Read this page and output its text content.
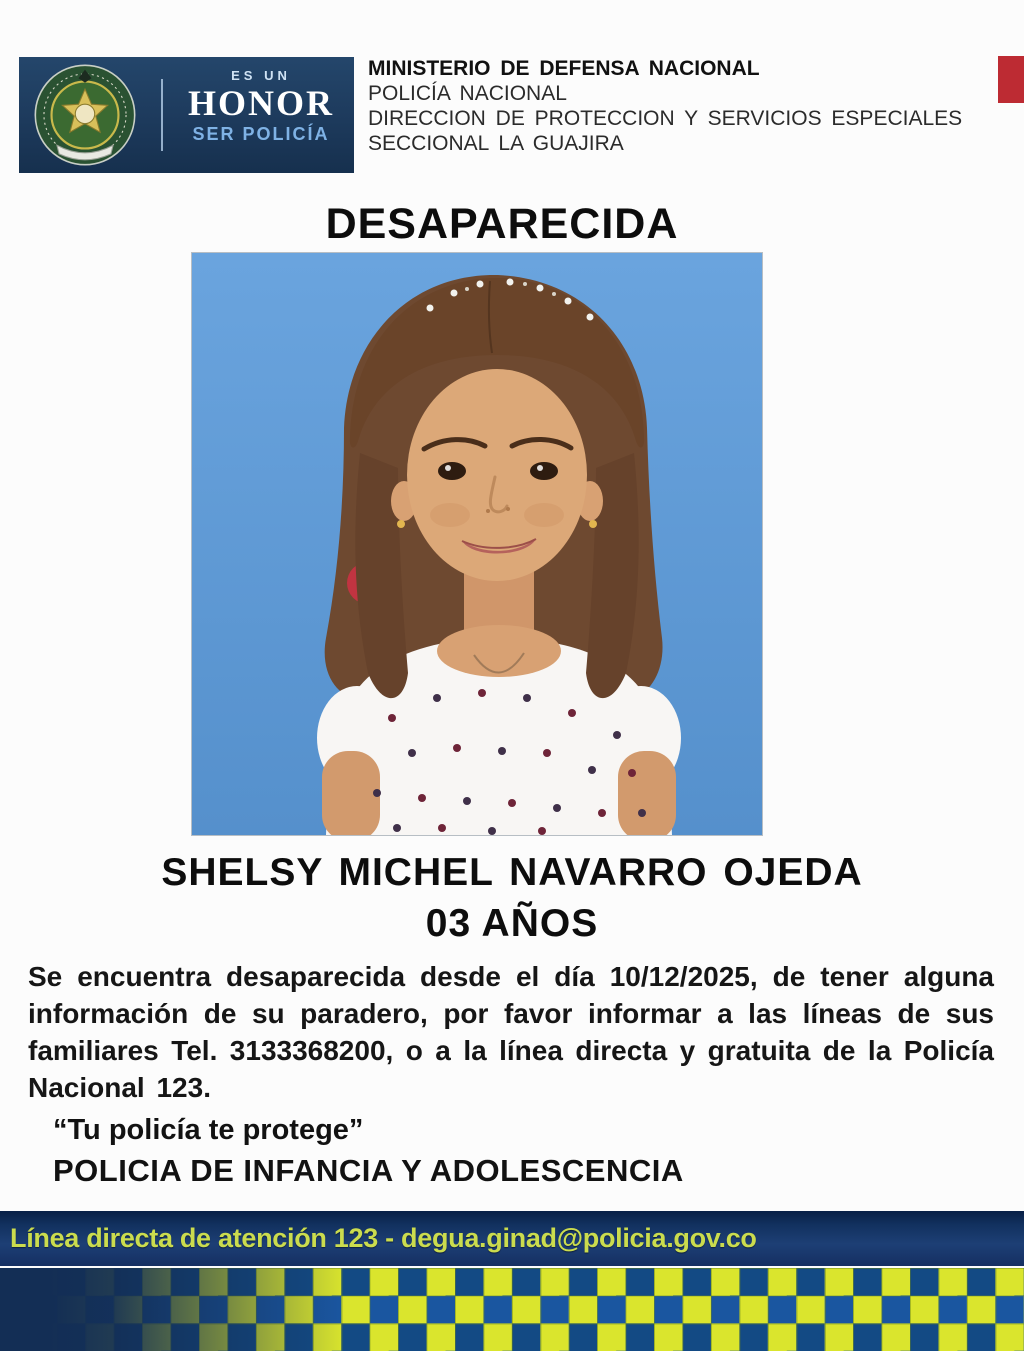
ES UN
HONOR
SER POLICÍA
MINISTERIO DE DEFENSA NACIONAL
POLICÍA NACIONAL
DIRECCION DE PROTECCION Y SERVICIOS ESPECIALES
SECCIONAL LA GUAJIRA
DESAPARECIDA
SHELSY MICHEL NAVARRO OJEDA
03 AÑOS

Se encuentra desaparecida desde el día 10/12/2025, de tener alguna información de su paradero, por favor informar a las líneas de sus familiares Tel. 3133368200, o a la línea directa y gratuita de la Policía Nacional 123.

“Tu policía te protege”

POLICIA DE INFANCIA Y ADOLESCENCIA

Línea directa de atención 123 - degua.ginad@policia.gov.co
